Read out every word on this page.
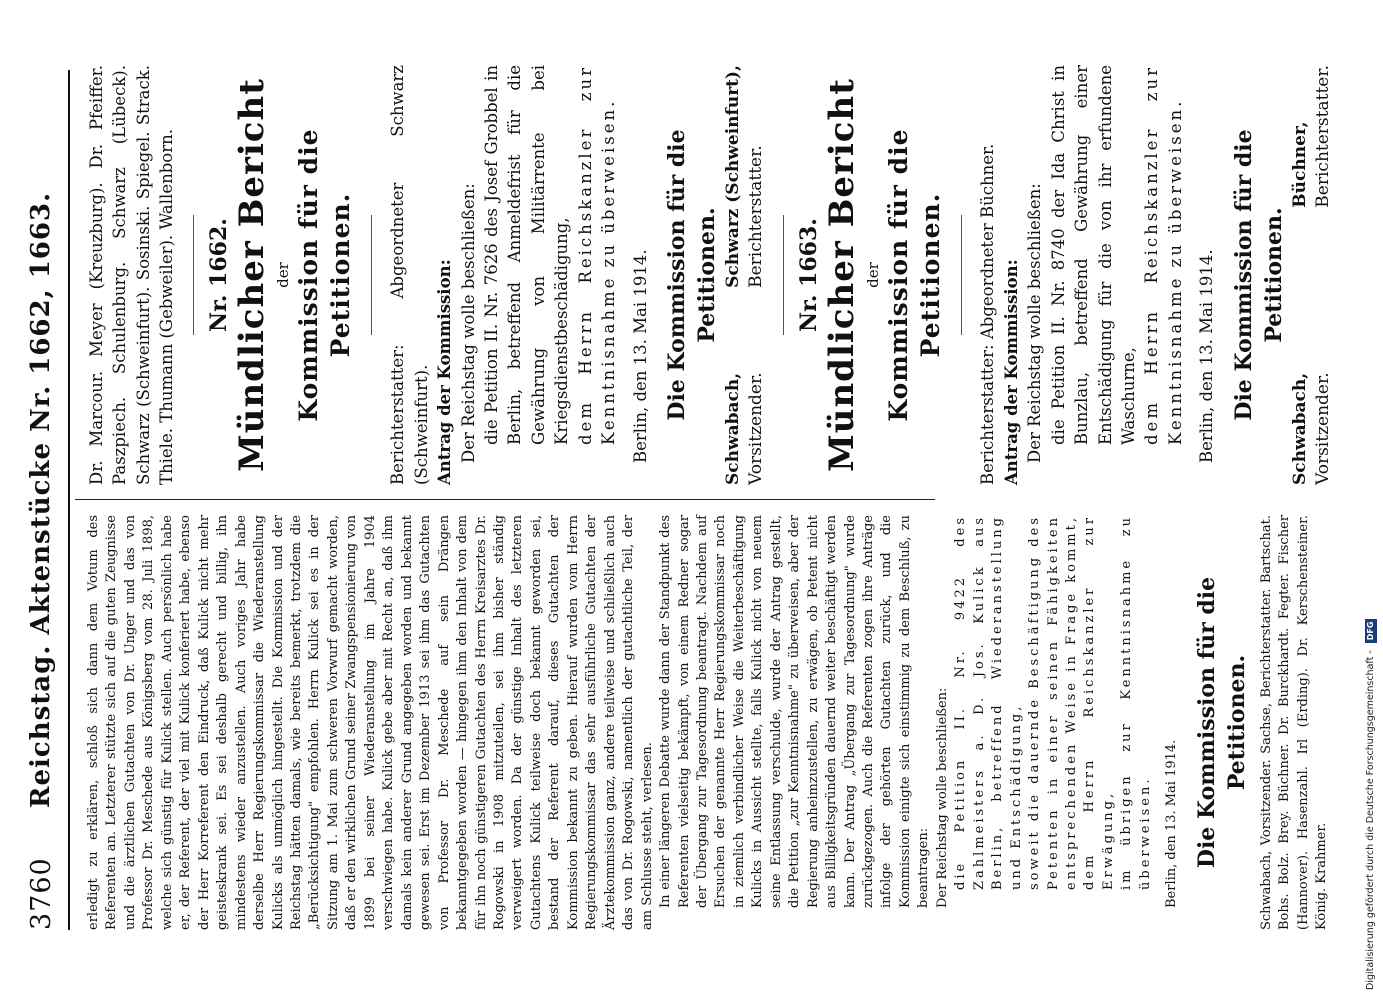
3760
Reichstag. Aktenstücke Nr. 1662, 1663. erledigt zu erklären, schloß sich dann dem Votum des Referenten an. Letzterer stützte sich auf die guten Zeugnisse und die ärztlichen Gutachten von Dr. Unger und das von Professor Dr. Meschede aus Königsberg vom 28. Juli 1898, welche sich günstig für Kulick stellen. Auch persönlich habe er, der Referent, der viel mit Kulick konferiert habe, ebenso der Herr Korreferent den Eindruck, daß Kulick nicht mehr geisteskrank sei. Es sei deshalb gerecht und billig, ihn mindestens wieder anzustellen. Auch voriges Jahr habe derselbe Herr Regierungskommissar die Wiederanstellung Kulicks als unmöglich hingestellt. Die Kommission und der Reichstag hätten damals, wie bereits bemerkt, trotzdem die „Berücksichtigung" empfohlen. Herrn Kulick sei es in der Sitzung am 1. Mai zum schweren Vorwurf gemacht worden, daß er den wirklichen Grund seiner Zwangspensionierung von 1899 bei seiner Wiederanstellung im Jahre 1904 verschwiegen habe. Kulick gebe aber mit Recht an, daß ihm damals kein anderer Grund angegeben worden und bekannt gewesen sei. Erst im Dezember 1913 sei ihm das Gutachten von Professor Dr. Meschede auf sein Drängen bekanntgegeben worden — hingegen ihm den Inhalt von dem für ihn noch günstigeren Gutachten des Herrn Kreisarztes Dr. Rogowski in 1908 mitzuteilen, sei ihm bisher ständig verweigert worden. Da der günstige Inhalt des letzteren Gutachtens Kulick teilweise doch bekannt geworden sei, bestand der Referent darauf, dieses Gutachten der Kommission bekannt zu geben. Hierauf wurden vom Herrn Regierungskommissar das sehr ausführliche Gutachten der Ärztekommission ganz, andere teilweise und schließlich auch das von Dr. Rogowski, namentlich der gutachtliche Teil, der am Schlusse steht, verlesen. In einer längeren Debatte wurde dann der Standpunkt des Referenten vielseitig bekämpft, von einem Redner sogar der Übergang zur Tagesordnung beantragt. Nachdem auf Ersuchen der genannte Herr Regierungskommissar noch in ziemlich verbindlicher Weise die Weiterbeschäftigung Kulicks in Aussicht stellte, falls Kulick nicht von neuem seine Entlassung verschulde, wurde der Antrag gestellt, die Petition „zur Kenntnisnahme" zu überweisen, aber der Regierung anheimzustellen, zu erwägen, ob Petent nicht aus Billigkeitsgründen dauernd weiter beschäftigt werden kann. Der Antrag „Übergang zur Tagesordnung" wurde zurückgezogen. Auch die Referenten zogen ihre Anträge infolge der gehörten Gutachten zurück, und die Kommission einigte sich einstimmig zu dem Beschluß, zu beantragen: Der Reichstag wolle beschließen: die Petition II. Nr. 9422 des Zahlmeisters a. D. Jos. Kulick aus Berlin, betreffend Wiederanstellung und Entschädigung, soweit die dauernde Beschäftigung des Petenten in einer seinen Fähigkeiten entsprechenden Weise in Frage kommt, dem Herrn Reichskanzler zur Erwägung, im übrigen zur Kenntnisnahme zu überweisen. Berlin, den 13. Mai 1914. Die Kommission für die Petitionen. Schwabach, Vorsitzender. Sachse, Berichterstatter. Bartschat. Bohs. Bolz. Brey. Büchner. Dr. Burckhardt. Fegter. Fischer (Hannover). Hasenzahl. Irl (Erding). Dr. Kerschensteiner. König. Krahmer.

Dr. Marcour. Meyer (Kreuzburg). Dr. Pfeiffer. Paszpiech. Schulenburg. Schwarz (Lübeck). Schwarz (Schweinfurt). Sosinski. Spiegel. Strack. Thiele. Thumann (Gebweiler). Wallenborn. Nr. 1662. Mündlicher Bericht der Kommission für die Petitionen. Berichterstatter: Abgeordneter Schwarz (Schweinfurt). Antrag der Kommission: Der Reichstag wolle beschließen: die Petition II. Nr. 7626 des Josef Grobbel in Berlin, betreffend Anmeldefrist für die Gewährung von Militärrente bei Kriegsdienstbeschädigung, dem Herrn Reichskanzler zur Kenntnisnahme zu überweisen. Berlin, den 13. Mai 1914. Die Kommission für die Petitionen.
Schwabach, Vorsitzender.
Schwarz (Schweinfurt), Berichterstatter. Nr. 1663. Mündlicher Bericht der Kommission für die Petitionen. Berichterstatter: Abgeordneter Büchner. Antrag der Kommission: Der Reichstag wolle beschließen: die Petition II. Nr. 8740 der Ida Christ in Bunzlau, betreffend Gewährung einer Entschädigung für die von ihr erfundene Waschurne, dem Herrn Reichskanzler zur Kenntnisnahme zu überweisen. Berlin, den 13. Mai 1914. Die Kommission für die Petitionen.
Schwabach, Vorsitzender.
Büchner, Berichterstatter.
Digitalisierung gefördert durch die Deutsche Forschungsgemeinschaft - DFG
